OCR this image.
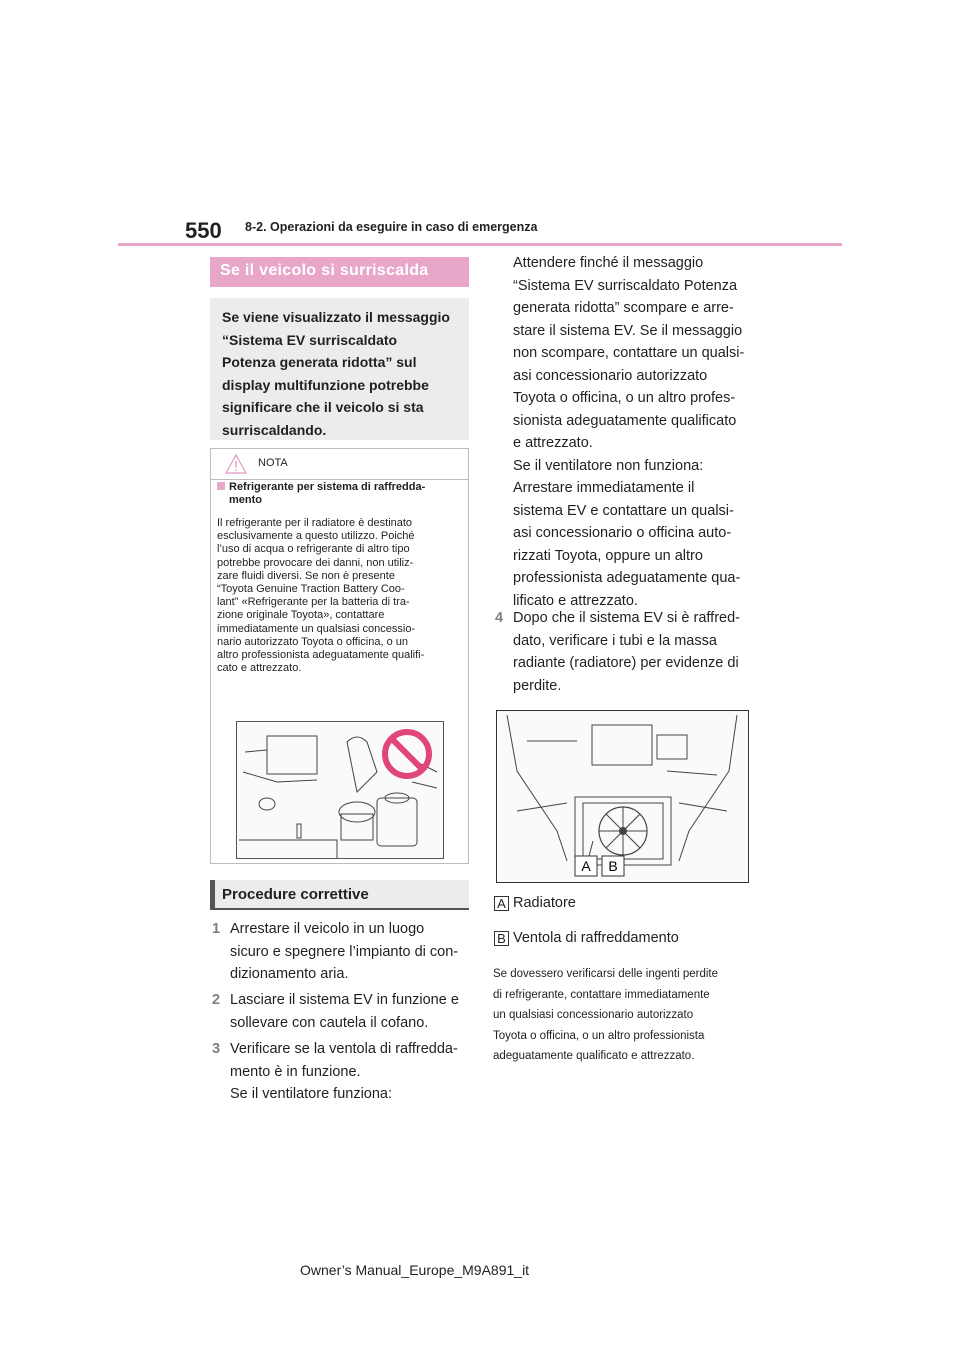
550 8-2. Operazioni da eseguire in caso di emergenza
Se il veicolo si surriscalda

Se viene visualizzato il messaggio
“Sistema EV surriscaldato
Potenza generata ridotta” sul
display multifunzione potrebbe
significare che il veicolo si sta
surriscaldando.

NOTA
Refrigerante per sistema di raffredda-
mento
Il refrigerante per il radiatore è destinato
esclusivamente a questo utilizzo. Poiché
l’uso di acqua o refrigerante di altro tipo
potrebbe provocare dei danni, non utiliz-
zare fluidi diversi. Se non è presente
“Toyota Genuine Traction Battery Coo-
lant” «Refrigerante per la batteria di tra-
zione originale Toyota», contattare
immediatamente un qualsiasi concessio-
nario autorizzato Toyota o officina, o un
altro professionista adeguatamente qualifi-
cato e attrezzato.
Procedure correttive
1 Arrestare il veicolo in un luogo
sicuro e spegnere l’impianto di con-
dizionamento aria.
2 Lasciare il sistema EV in funzione e
sollevare con cautela il cofano.
3 Verificare se la ventola di raffredda-
mento è in funzione.
Se il ventilatore funziona:
Attendere finché il messaggio
“Sistema EV surriscaldato Potenza
generata ridotta” scompare e arre-
stare il sistema EV. Se il messaggio
non scompare, contattare un qualsi-
asi concessionario autorizzato
Toyota o officina, o un altro profes-
sionista adeguatamente qualificato
e attrezzato.
Se il ventilatore non funziona:
Arrestare immediatamente il
sistema EV e contattare un qualsi-
asi concessionario o officina auto-
rizzati Toyota, oppure un altro
professionista adeguatamente qua-
lificato e attrezzato.
4 Dopo che il sistema EV si è raffred-
dato, verificare i tubi e la massa
radiante (radiatore) per evidenze di
perdite.
A B
A Radiatore
B Ventola di raffreddamento
Se dovessero verificarsi delle ingenti perdite
di refrigerante, contattare immediatamente
un qualsiasi concessionario autorizzato
Toyota o officina, o un altro professionista
adeguatamente qualificato e attrezzato.
Owner’s Manual_Europe_M9A891_it
